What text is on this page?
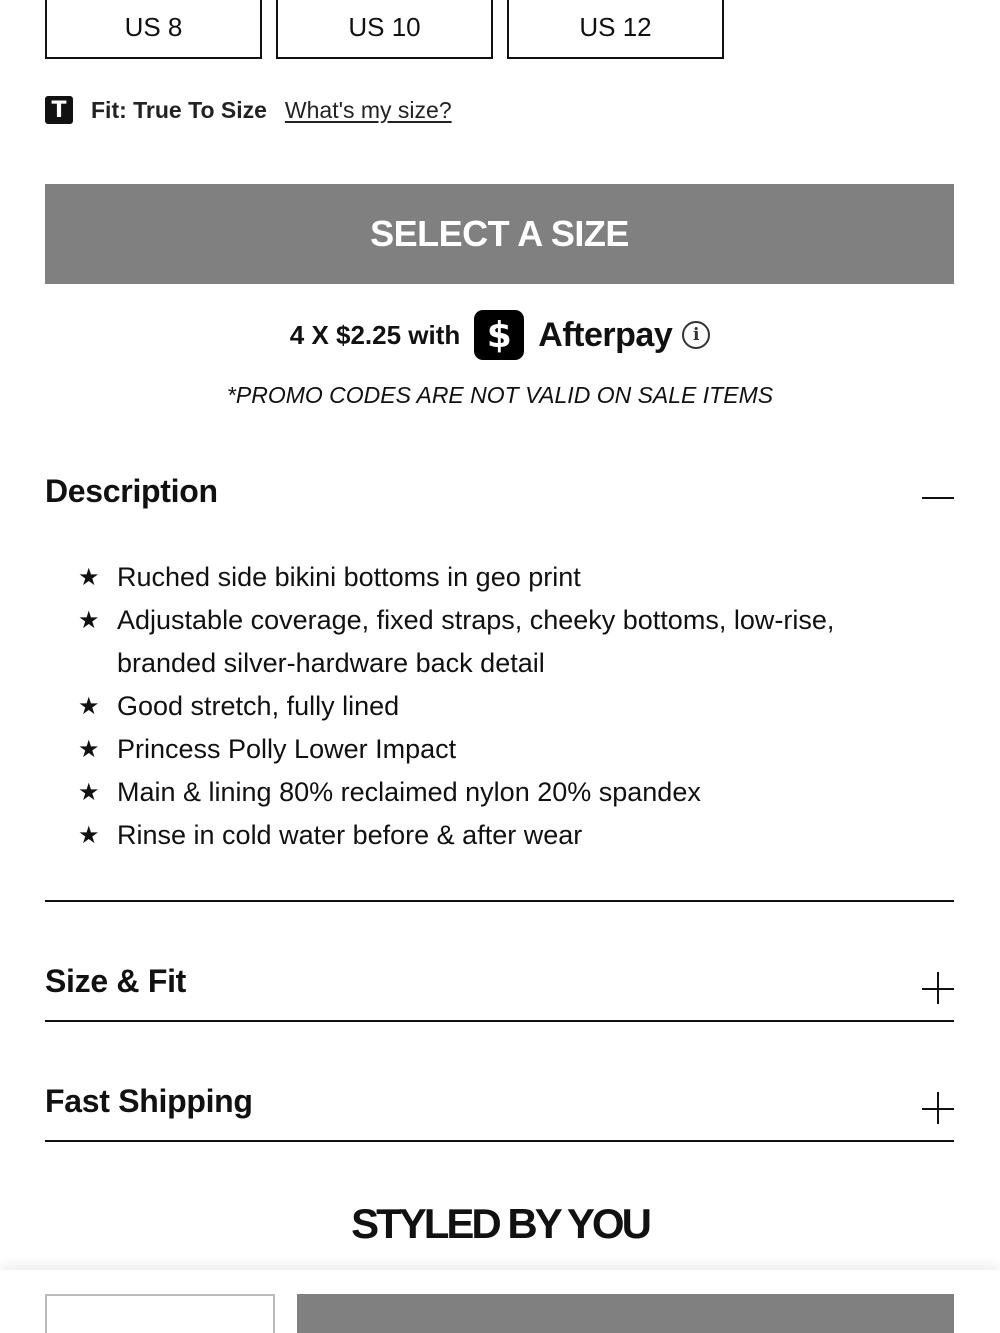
US 8	US 10	US 12
T Fit: True To Size What's my size?
SELECT A SIZE
4 X $2.25 with $ Afterpay	i
*PROMO CODES ARE NOT VALID ON SALE ITEMS
Description
★ Ruched side bikini bottoms in geo print
★ Adjustable coverage, fixed straps, cheeky bottoms, low-rise, branded silver-hardware back detail
★ Good stretch, fully lined
★ Princess Polly Lower Impact
★ Main & lining 80% reclaimed nylon 20% spandex
★ Rinse in cold water before & after wear
Size & Fit
Fast Shipping
STYLED BY YOU
